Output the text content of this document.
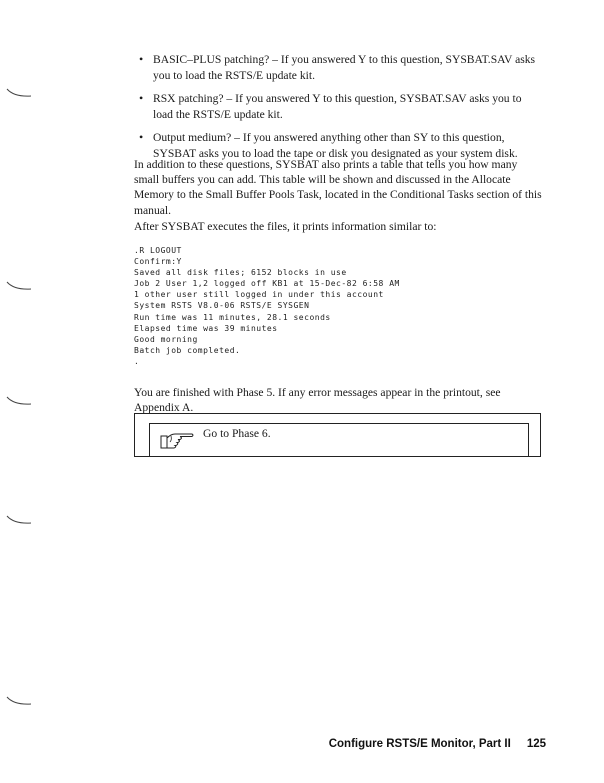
• BASIC–PLUS patching? – If you answered Y to this question, SYSBAT.SAV asks you to load the RSTS/E update kit.
• RSX patching? – If you answered Y to this question, SYSBAT.SAV asks you to load the RSTS/E update kit.
• Output medium? – If you answered anything other than SY to this question, SYSBAT asks you to load the tape or disk you designated as your system disk.

In addition to these questions, SYSBAT also prints a table that tells you how many small buffers you can add. This table will be shown and discussed in the Allocate Memory to the Small Buffer Pools Task, located in the Conditional Tasks section of this manual.

After SYSBAT executes the files, it prints information similar to:

.R LOGOUT
Confirm:Y
Saved all disk files; 6152 blocks in use
Job 2 User 1,2 logged off KB1 at 15-Dec-82 6:58 AM
1 other user still logged in under this account
System RSTS V8.0-06 RSTS/E SYSGEN
Run time was 11 minutes, 28.1 seconds
Elapsed time was 39 minutes
Good morning
Batch job completed.
.

You are finished with Phase 5. If any error messages appear in the printout, see Appendix A.

Go to Phase 6.
Configure RSTS/E Monitor, Part II 125
